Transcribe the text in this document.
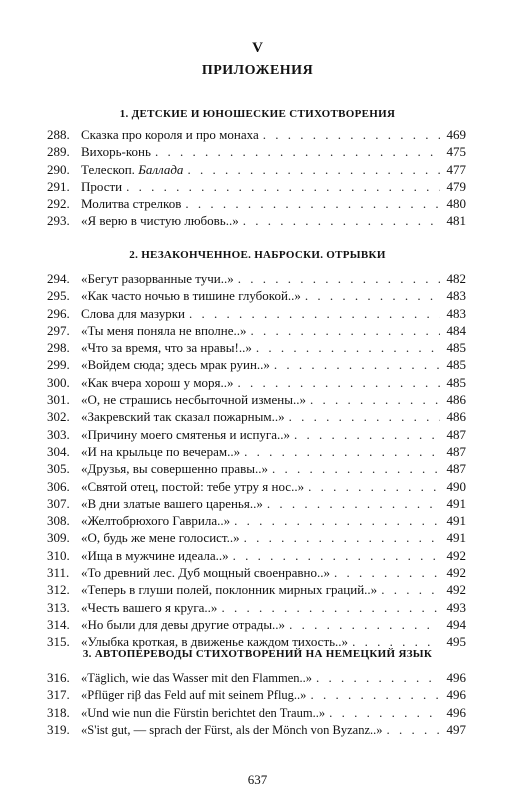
V
ПРИЛОЖЕНИЯ
1. ДЕТСКИЕ И ЮНОШЕСКИЕ СТИХОТВОРЕНИЯ
288. Сказка про короля и про монаха . . .	469
289. Вихорь-конь . . .	475
290. Телескоп. Баллада . . .	477
291. Прости . . .	479
292. Молитва стрелков . . .	480
293. «Я верю в чистую любовь..» . . .	481
2. НЕЗАКОНЧЕННОЕ. НАБРОСКИ. ОТРЫВКИ
294. «Бегут разорванные тучи..» . . .	482
295. «Как часто ночью в тишине глубокой..» . . .	483
296. Слова для мазурки . . .	483
297. «Ты меня поняла не вполне..» . . .	484
298. «Что за время, что за нравы!..» . . .	485
299. «Войдем сюда; здесь мрак руин..» . . .	485
300. «Как вчера хорош у моря..» . . .	485
301. «О, не страшись несбыточной измены..» . . .	486
302. «Закревский так сказал пожарным..» . . .	486
303. «Причину моего смятенья и испуга..» . . .	487
304. «И на крыльце по вечерам..» . . .	487
305. «Друзья, вы совершенно правы..» . . .	487
306. «Святой отец, постой: тебе утру я нос..» . . .	490
307. «В дни златые вашего царенья..» . . .	491
308. «Желтобрюхого Гаврила..» . . .	491
309. «О, будь же мене голосист..» . . .	491
310. «Ища в мужчине идеала..» . . .	492
311. «То древний лес. Дуб мощный своенравно..» . . .	492
312. «Теперь в глуши полей, поклонник мирных граций..» . . .	492
313. «Честь вашего я круга..» . . .	493
314. «Но были для девы другие отрады..» . . .	494
315. «Улыбка кроткая, в движенье каждом тихость..» . . .	495
3. АВТОПЕРЕВОДЫ СТИХОТВОРЕНИЙ НА НЕМЕЦКИЙ ЯЗЫК
316. «Täglich, wie das Wasser mit den Flammen..» . . .	496
317. «Pflüger riβ das Feld auf mit seinem Pflug..» . . .	496
318. «Und wie nun die Fürstin berichtet den Traum..» . . .	496
319. «S'ist gut, — sprach der Fürst, als der Mönch von Byzanz..» . . .	497
637
